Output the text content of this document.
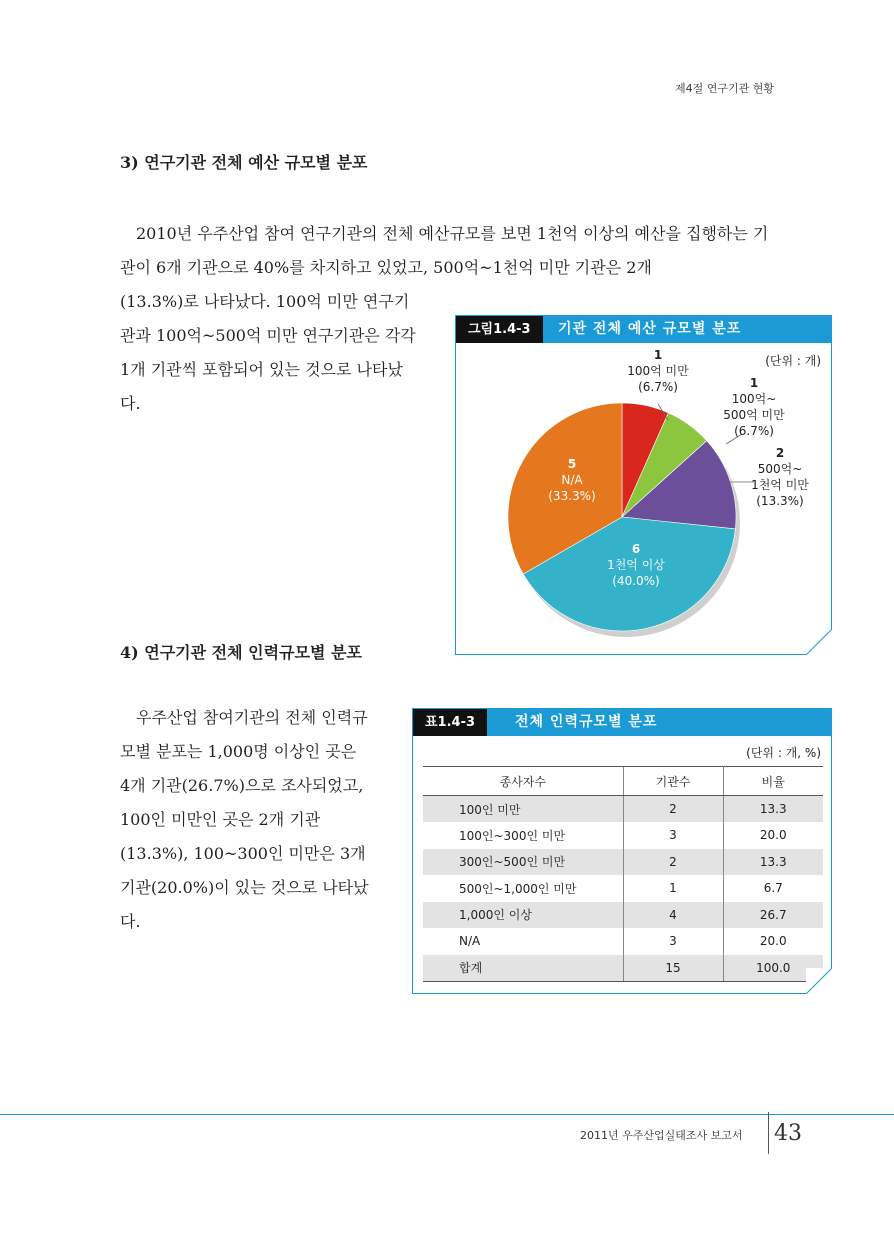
제4절 연구기관 현황
3) 연구기관 전체 예산 규모별 분포

2010년 우주산업 참여 연구기관의 전체 예산규모를 보면 1천억 이상의 예산을 집행하는 기관이 6개 기관으로 40%를 차지하고 있었고, 500억~1천억 미만 기관은 2개

(13.3%)로 나타났다. 100억 미만 연구기관과 100억~500억 미만 연구기관은 각각 1개 기관씩 포함되어 있는 것으로 나타났다.

그림1.4-3	기관 전체 예산 규모별 분포
(단위 : 개)
1 100억 미만 (6.7%)	1 100억~ 500억 미만 (6.7%)
2 500억~ 1천억 미만 (13.3%)
6 1천억 이상 (40.0%)
5 N/A (33.3%)
4) 연구기관 전체 인력규모별 분포

우주산업 참여기관의 전체 인력규모별 분포는 1,000명 이상인 곳은 4개 기관(26.7%)으로 조사되었고, 100인 미만인 곳은 2개 기관(13.3%), 100~300인 미만은 3개 기관(20.0%)이 있는 것으로 나타났다.

표1.4-3	전체 인력규모별 분포
(단위 : 개, %)
종사자수	기관수	비율
100인 미만	2	13.3
100인~300인 미만	3	20.0
300인~500인 미만	2	13.3
500인~1,000인 미만	1	6.7
1,000인 이상	4	26.7
N/A	3	20.0
합계	15	100.0
2011년 우주산업실태조사 보고서 43
